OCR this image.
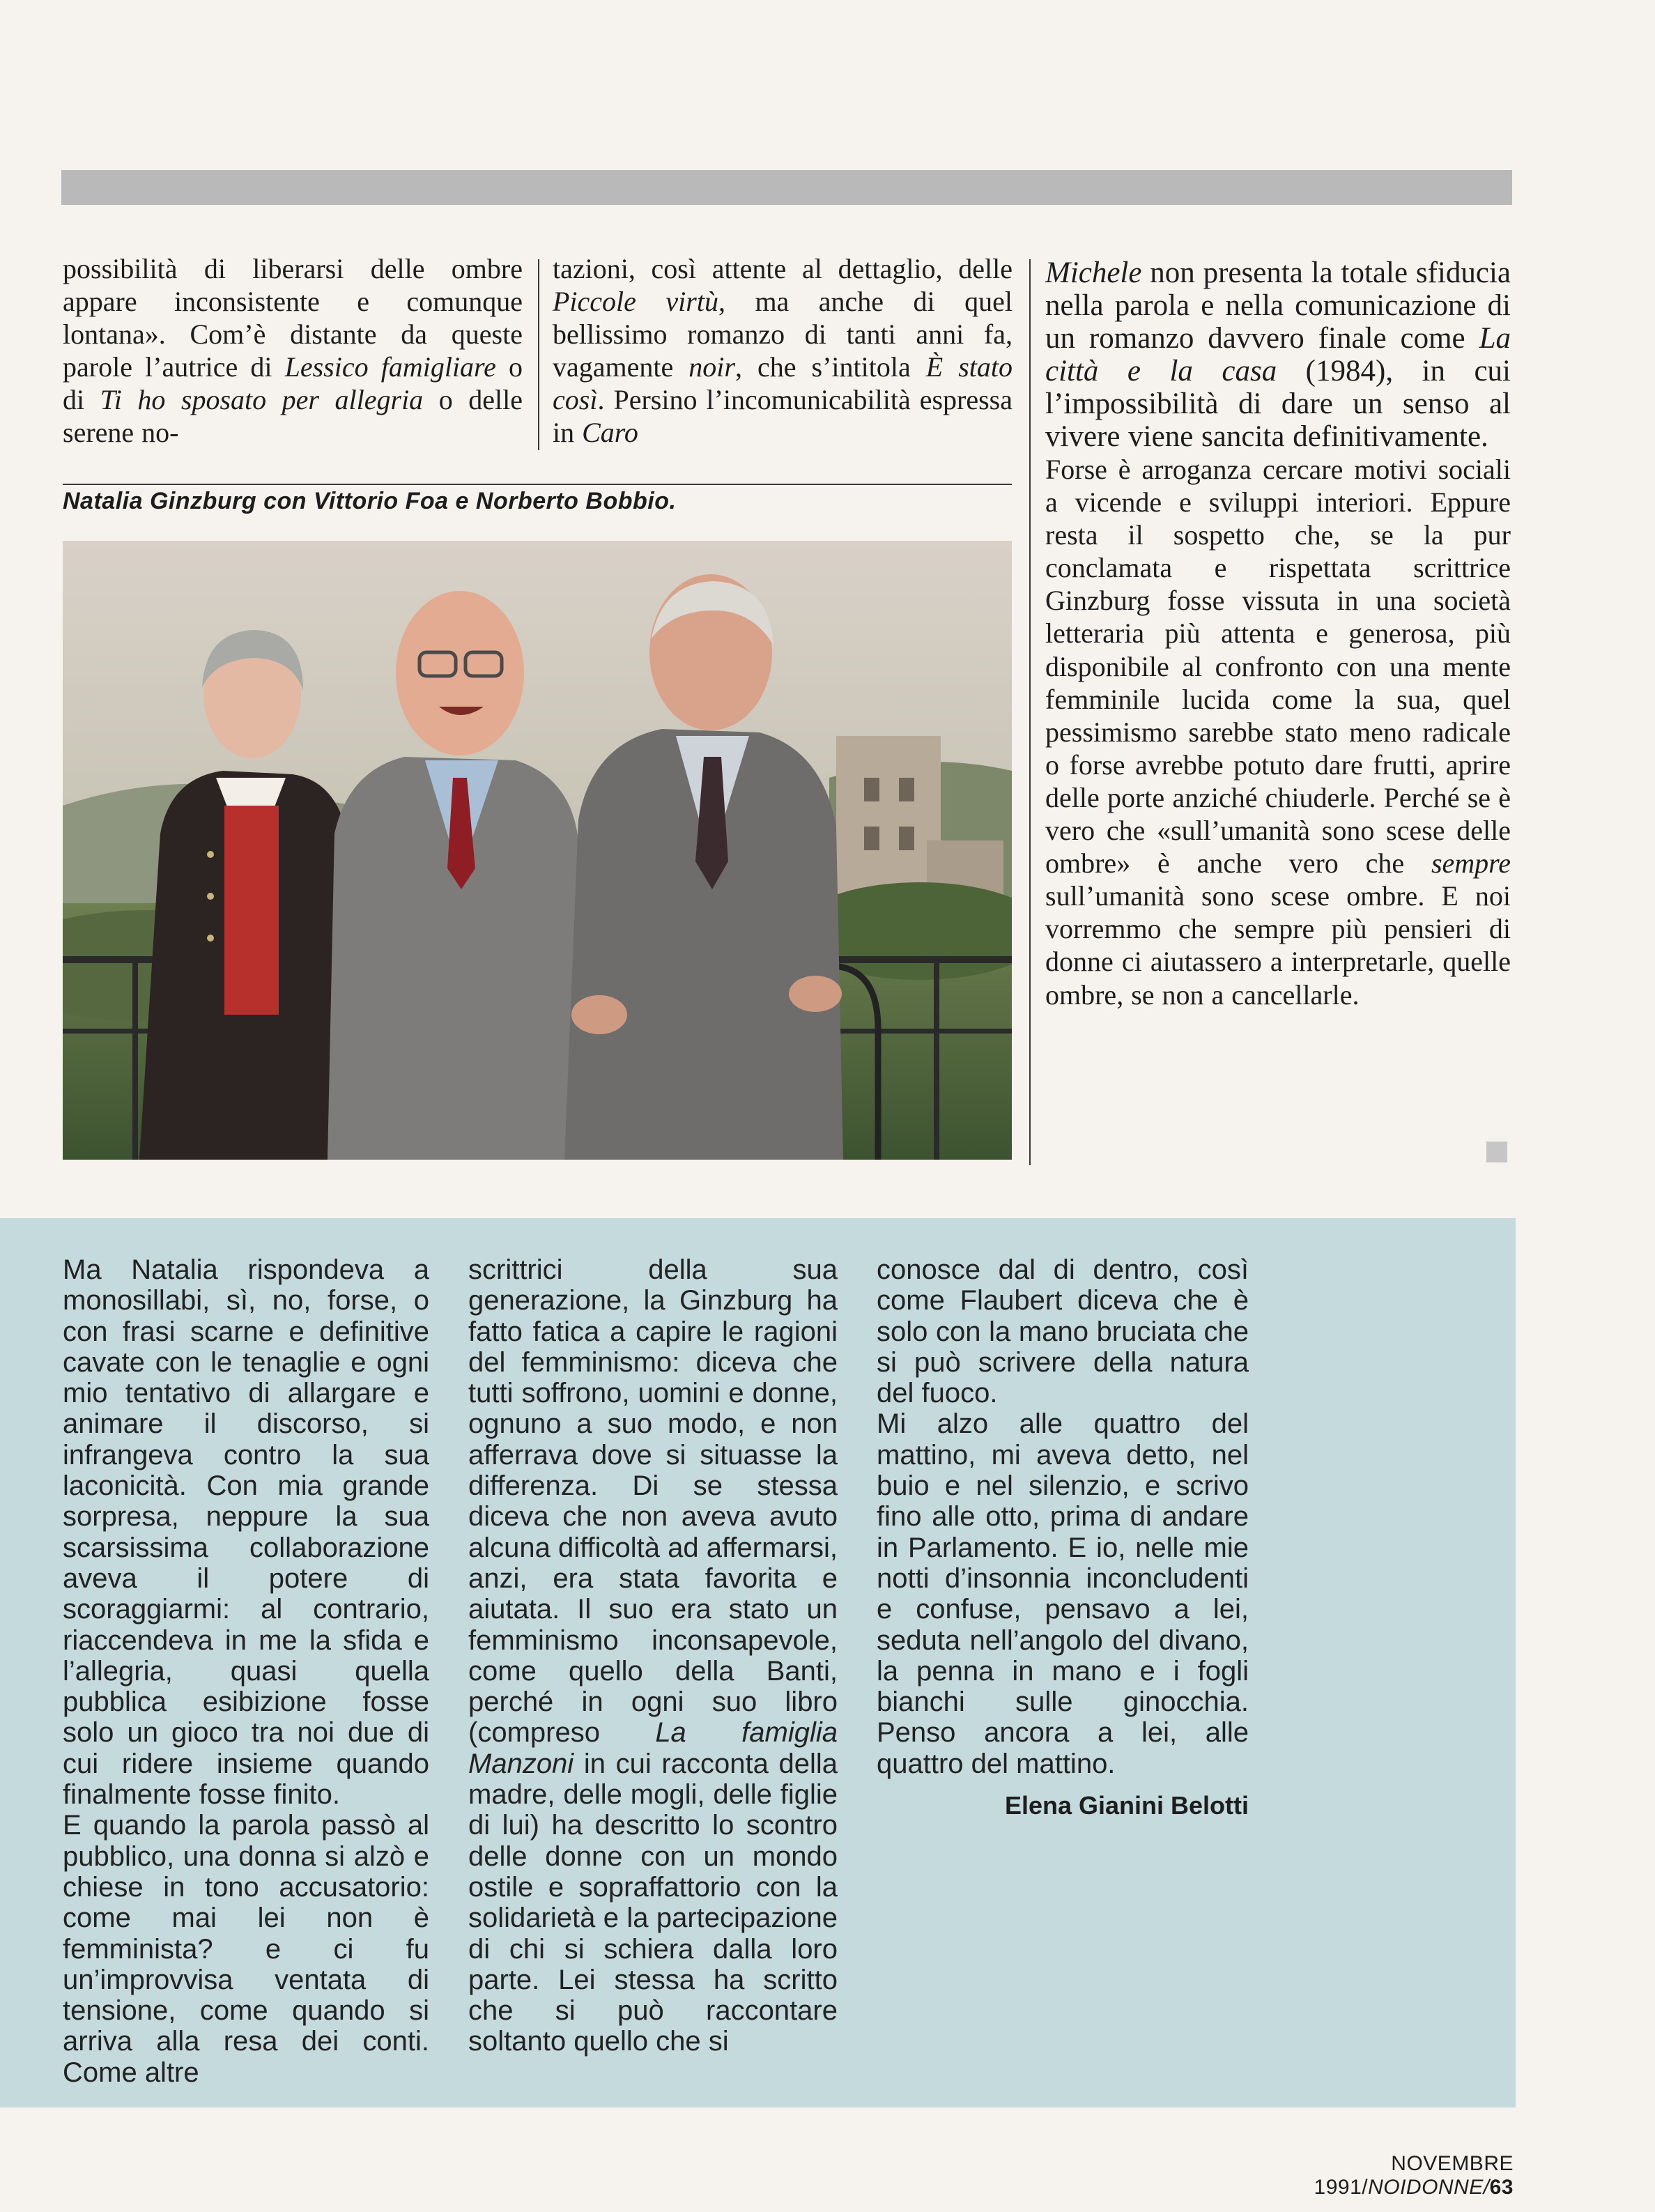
possibilità di liberarsi delle ombre appare inconsistente e comunque lontana». Com’è distante da queste parole l’autrice di Lessico famigliare o di Ti ho sposato per allegria o delle serene no-

tazioni, così attente al dettaglio, delle Piccole virtù, ma anche di quel bellissimo romanzo di tanti anni fa, vagamente noir, che s’intitola È stato così. Persino l’incomunicabilità espressa in Caro

Michele non presenta la totale sfiducia nella parola e nella comunicazione di un romanzo davvero finale come La città e la casa (1984), in cui l’impossibilità di dare un senso al vivere viene sancita definitivamente.

Forse è arroganza cercare motivi sociali a vicende e sviluppi interiori. Eppure resta il sospetto che, se la pur conclamata e rispettata scrittrice Ginzburg fosse vissuta in una società letteraria più attenta e generosa, più disponibile al confronto con una mente femminile lucida come la sua, quel pessimismo sarebbe stato meno radicale o forse avrebbe potuto dare frutti, aprire delle porte anziché chiuderle. Perché se è vero che «sull’umanità sono scese delle ombre» è anche vero che sempre sull’umanità sono scese ombre. E noi vorremmo che sempre più pensieri di donne ci aiutassero a interpretarle, quelle ombre, se non a cancellarle.

Natalia Ginzburg con Vittorio Foa e Norberto Bobbio.

Ma Natalia rispondeva a monosillabi, sì, no, forse, o con frasi scarne e definitive cavate con le tenaglie e ogni mio tentativo di allargare e animare il discorso, si infrangeva contro la sua laconicità. Con mia grande sorpresa, neppure la sua scarsissima collaborazione aveva il potere di scoraggiarmi: al contrario, riaccendeva in me la sfida e l’allegria, quasi quella pubblica esibizione fosse solo un gioco tra noi due di cui ridere insieme quando finalmente fosse finito.

E quando la parola passò al pubblico, una donna si alzò e chiese in tono accusatorio: come mai lei non è femminista? e ci fu un’improvvisa ventata di tensione, come quando si arriva alla resa dei conti. Come altre

scrittrici della sua generazione, la Ginzburg ha fatto fatica a capire le ragioni del femminismo: diceva che tutti soffrono, uomini e donne, ognuno a suo modo, e non afferrava dove si situasse la differenza. Di se stessa diceva che non aveva avuto alcuna difficoltà ad affermarsi, anzi, era stata favorita e aiutata. Il suo era stato un femminismo inconsapevole, come quello della Banti, perché in ogni suo libro (compreso La famiglia Manzoni in cui racconta della madre, delle mogli, delle figlie di lui) ha descritto lo scontro delle donne con un mondo ostile e sopraffattorio con la solidarietà e la partecipazione di chi si schiera dalla loro parte. Lei stessa ha scritto che si può raccontare soltanto quello che si

conosce dal di dentro, così come Flaubert diceva che è solo con la mano bruciata che si può scrivere della natura del fuoco.

Mi alzo alle quattro del mattino, mi aveva detto, nel buio e nel silenzio, e scrivo fino alle otto, prima di andare in Parlamento. E io, nelle mie notti d’insonnia inconcludenti e confuse, pensavo a lei, seduta nell’angolo del divano, la penna in mano e i fogli bianchi sulle ginocchia. Penso ancora a lei, alle quattro del mattino.

Elena Gianini Belotti
NOVEMBRE 1991/NOIDONNE/63
